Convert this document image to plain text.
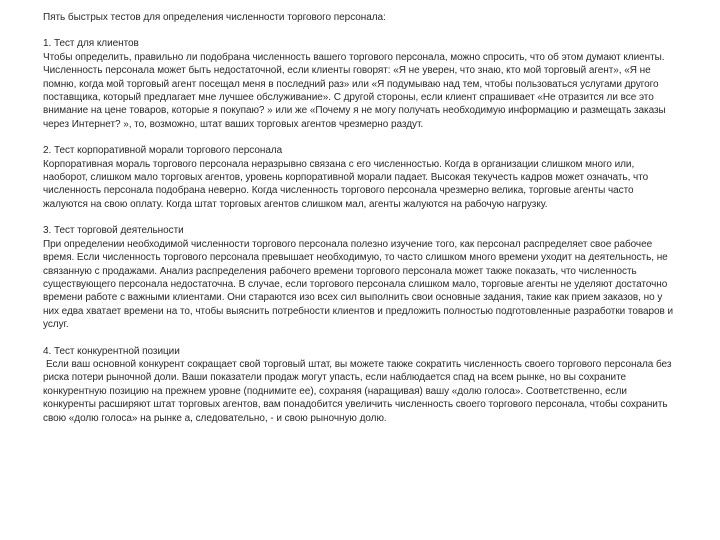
Пять быстрых тестов для определения численности торгового персонала:

1. Тест для клиентов

Чтобы определить, правильно ли подобрана численность вашего торгового персонала, можно спросить, что об этом думают клиенты. Численность персонала может быть недостаточной, если клиенты говорят: «Я не уверен, что знаю, кто мой торговый агент», «Я не помню, когда мой торговый агент посещал меня в последний раз» или «Я подумываю над тем, чтобы пользоваться услугами другого поставщика, который предлагает мне лучшее обслуживание». С другой стороны, если клиент спрашивает «Не отразится ли все это внимание на цене товаров, которые я покупаю? » или же «Почему я не могу получать необходимую информацию и размещать заказы через Интернет? », то, возможно, штат ваших торговых агентов чрезмерно раздут.

2. Тест корпоративной морали торгового персонала

Корпоративная мораль торгового персонала неразрывно связана с его численностью. Когда в организации слишком много или, наоборот, слишком мало торговых агентов, уровень корпоративной морали падает. Высокая текучесть кадров может означать, что численность персонала подобрана неверно. Когда численность торгового персонала чрезмерно велика, торговые агенты часто жалуются на свою оплату. Когда штат торговых агентов слишком мал, агенты жалуются на рабочую нагрузку.

3. Тест торговой деятельности

При определении необходимой численности торгового персонала полезно изучение того, как персонал распределяет свое рабочее время. Если численность торгового персонала превышает необходимую, то часто слишком много времени уходит на деятельность, не связанную с продажами. Анализ распределения рабочего времени торгового персонала может также показать, что численность существующего персонала недостаточна. В случае, если торгового персонала слишком мало, торговые агенты не уделяют достаточно времени работе с важными клиентами. Они стараются изо всех сил выполнить свои основные задания, такие как прием заказов, но у них едва хватает времени на то, чтобы выяснить потребности клиентов и предложить полностью подготовленные разработки товаров и услуг.

4. Тест конкурентной позиции

Если ваш основной конкурент сокращает свой торговый штат, вы можете также сократить численность своего торгового персонала без риска потери рыночной доли. Ваши показатели продаж могут упасть, если наблюдается спад на всем рынке, но вы сохраните конкурентную позицию на прежнем уровне (поднимите ее), сохраняя (наращивая) вашу «долю голоса». Соответственно, если конкуренты расширяют штат торговых агентов, вам понадобится увеличить численность своего торгового персонала, чтобы сохранить свою «долю голоса» на рынке а, следовательно, - и свою рыночную долю.
